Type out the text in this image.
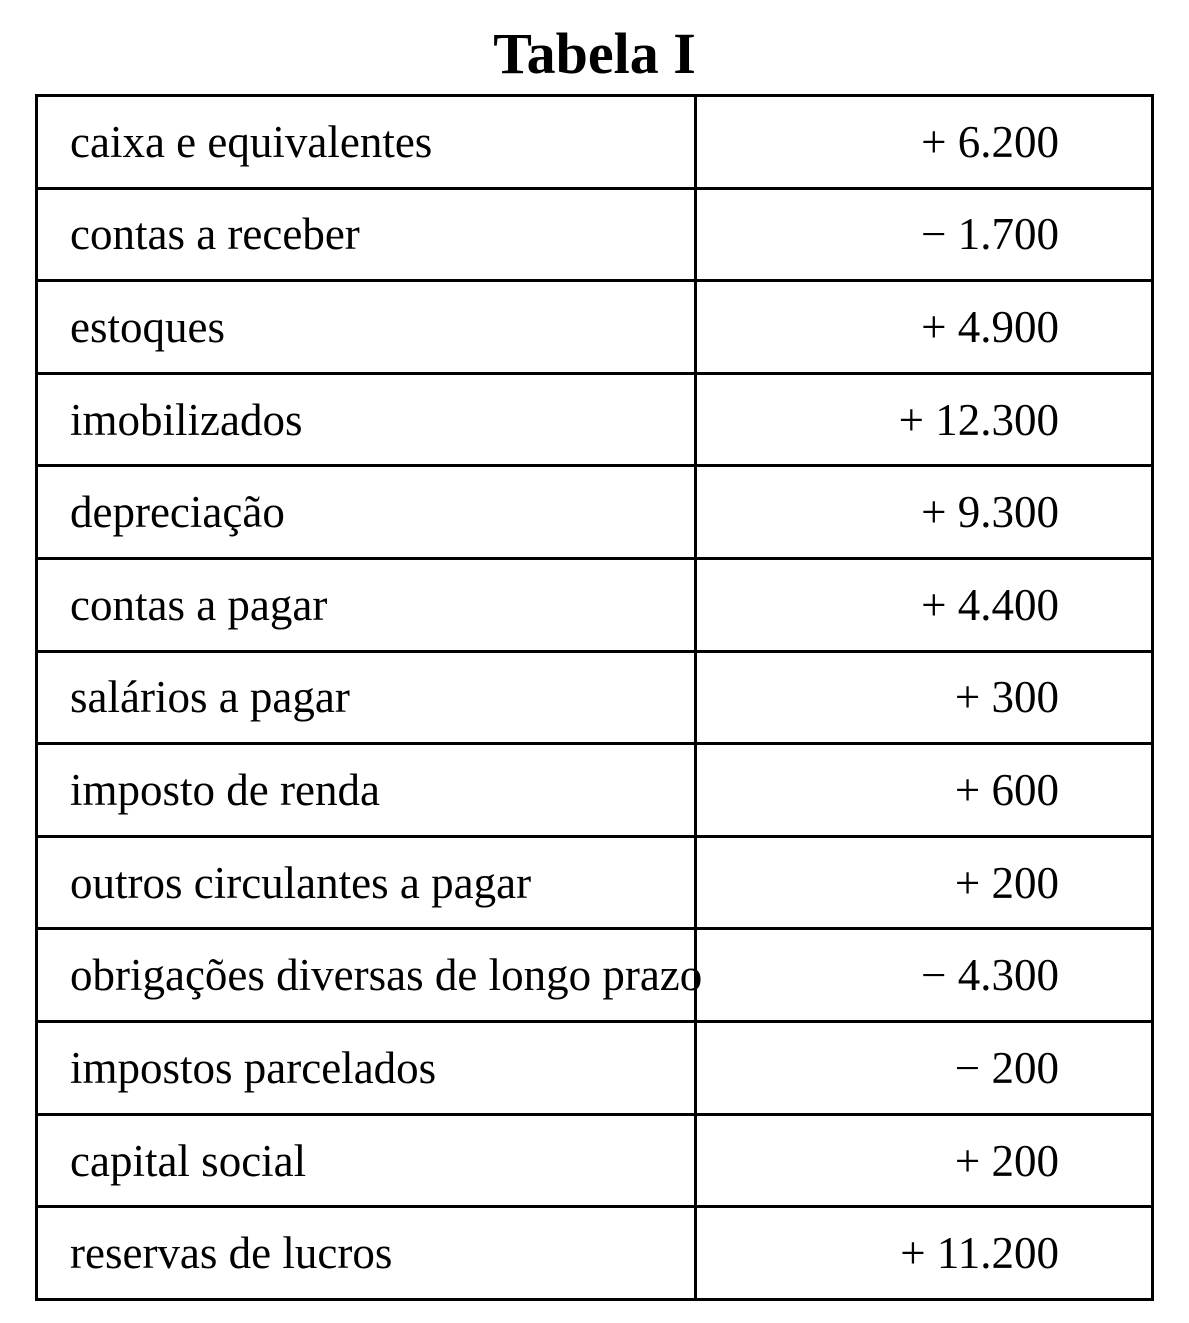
Tabela I
caixa e equivalentes	+ 6.200
contas a receber	− 1.700
estoques	+ 4.900
imobilizados	+ 12.300
depreciação	+ 9.300
contas a pagar	+ 4.400
salários a pagar	+ 300
imposto de renda	+ 600
outros circulantes a pagar	+ 200
obrigações diversas de longo prazo	− 4.300
impostos parcelados	− 200
capital social	+ 200
reservas de lucros	+ 11.200
